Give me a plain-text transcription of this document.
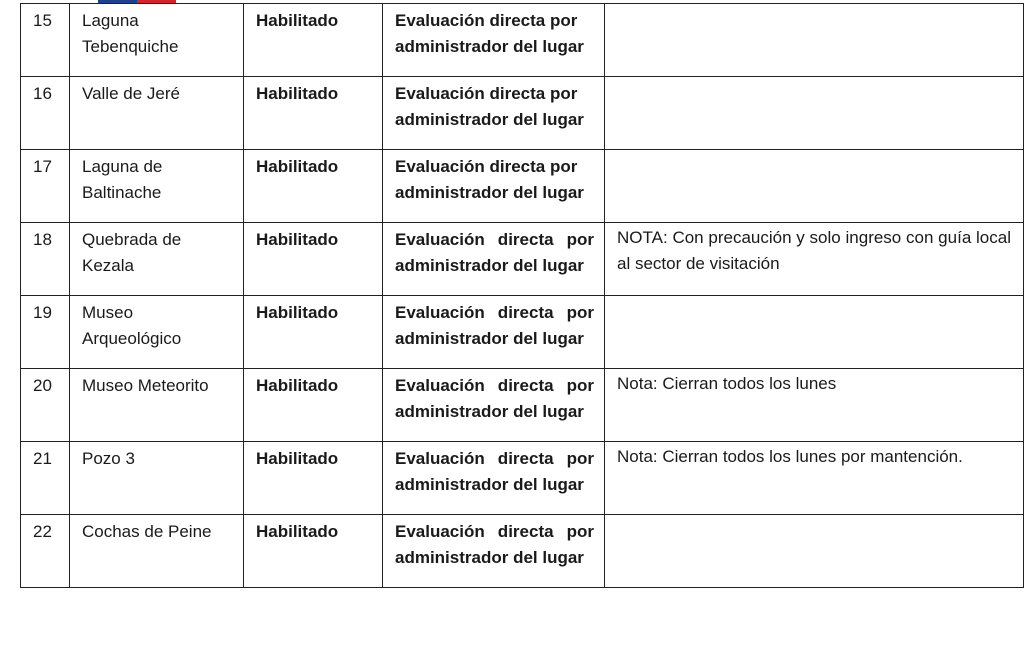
15	Laguna Tebenquiche	Habilitado	Evaluación directa por administrador del lugar	
16	Valle de Jeré	Habilitado	Evaluación directa por administrador del lugar	
17	Laguna de Baltinache	Habilitado	Evaluación directa por administrador del lugar	
18	Quebrada de Kezala	Habilitado	Evaluación directa por administrador del lugar	NOTA: Con precaución y solo ingreso con guía local al sector de visitación
19	Museo Arqueológico	Habilitado	Evaluación directa por administrador del lugar	
20	Museo Meteorito	Habilitado	Evaluación directa por administrador del lugar	Nota: Cierran todos los lunes
21	Pozo 3	Habilitado	Evaluación directa por administrador del lugar	Nota: Cierran todos los lunes por mantención.
22	Cochas de Peine	Habilitado	Evaluación directa por administrador del lugar	
